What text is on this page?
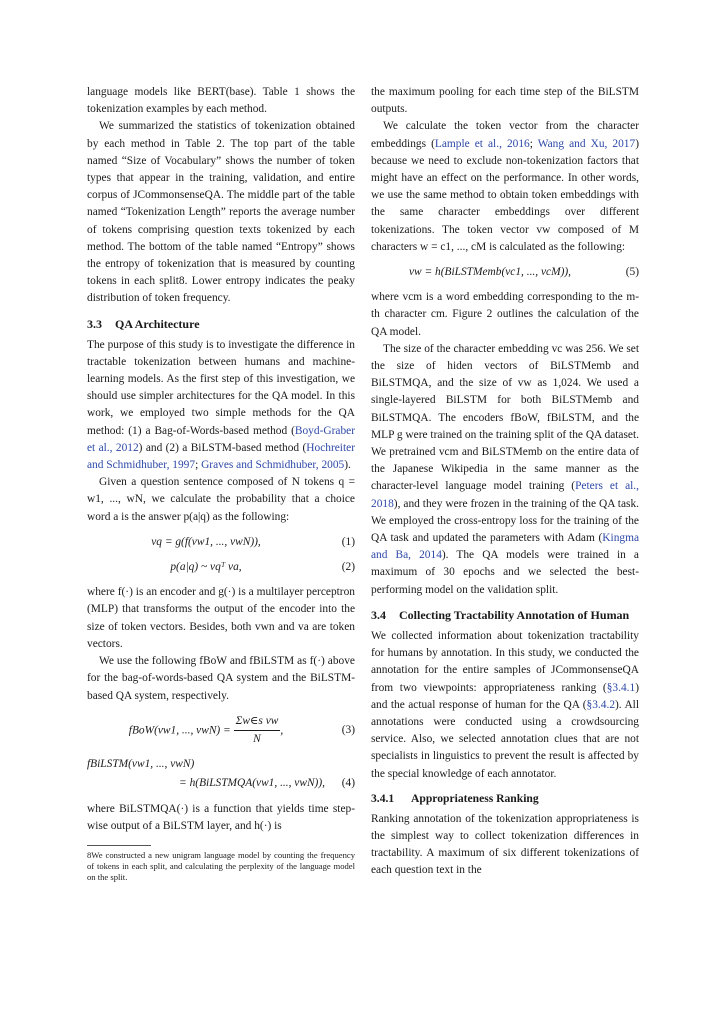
language models like BERT(base). Table 1 shows the tokenization examples by each method.

We summarized the statistics of tokenization obtained by each method in Table 2. The top part of the table named “Size of Vocabulary” shows the number of token types that appear in the training, validation, and entire corpus of JCommonsenseQA. The middle part of the table named “Tokenization Length” reports the average number of tokens comprising question texts tokenized by each method. The bottom of the table named “Entropy” shows the entropy of tokenization that is measured by counting tokens in each split8. Lower entropy indicates the peaky distribution of token frequency.

3.3 QA Architecture

The purpose of this study is to investigate the difference in tractable tokenization between humans and machine-learning models. As the first step of this investigation, we should use simpler architectures for the QA model. In this work, we employed two simple methods for the QA method: (1) a Bag-of-Words-based method (Boyd-Graber et al., 2012) and (2) a BiLSTM-based method (Hochreiter and Schmidhuber, 1997; Graves and Schmidhuber, 2005).

Given a question sentence composed of N tokens q = w1, ..., wN, we calculate the probability that a choice word a is the answer p(a|q) as the following:

vq = g(f(vw1, ..., vwN)),	(1)
p(a|q) ~ vqᵀ va,	(2)

where f(·) is an encoder and g(·) is a multilayer perceptron (MLP) that transforms the output of the encoder into the size of token vectors. Besides, both vwn and va are token vectors.

We use the following fBoW and fBiLSTM as f(·) above for the bag-of-words-based QA system and the BiLSTM-based QA system, respectively.

fBoW(vw1, ..., $vwN) = \frac{\text{Σw∈s vw}}{N}$ ,	(3)
fBiLSTM(vw1, ..., vwN)
= h(BiLSTMQA(vw1, ..., vwN)),	(4)

where BiLSTMQA(·) is a function that yields time step-wise output of a BiLSTM layer, and h(·) is

8We constructed a new unigram language model by counting the frequency of tokens in each split, and calculating the perplexity of the language model on the split.

the maximum pooling for each time step of the BiLSTM outputs.

We calculate the token vector from the character embeddings (Lample et al., 2016; Wang and Xu, 2017) because we need to exclude non-tokenization factors that might have an effect on the performance. In other words, we use the same method to obtain token embeddings with the same character embeddings over different tokenizations. The token vector vw composed of M characters w = c1, ..., cM is calculated as the following:

vw = h(BiLSTMemb(vc1, ..., vcM)),	(5)

where vcm is a word embedding corresponding to the m-th character cm. Figure 2 outlines the calculation of the QA model.

The size of the character embedding vc was 256. We set the size of hiden vectors of BiLSTMemb and BiLSTMQA, and the size of vw as 1,024. We used a single-layered BiLSTM for both BiLSTMemb and BiLSTMQA. The encoders fBoW, fBiLSTM, and the MLP g were trained on the training split of the QA dataset. We pretrained vcm and BiLSTMemb on the entire data of the Japanese Wikipedia in the same manner as the character-level language model training (Peters et al., 2018), and they were frozen in the training of the QA task. We employed the cross-entropy loss for the training of the QA task and updated the parameters with Adam (Kingma and Ba, 2014). The QA models were trained in a maximum of 30 epochs and we selected the best-performing model on the validation split.

3.4	Collecting Tractability Annotation of Human

We collected information about tokenization tractability for humans by annotation. In this study, we conducted the annotation for the entire samples of JCommonsenseQA from two viewpoints: appropriateness ranking (§3.4.1) and the actual response of human for the QA (§3.4.2). All annotations were conducted using a crowdsourcing service. Also, we selected annotation clues that are not specialists in linguistics to prevent the result is affected by the special knowledge of each annotator.

3.4.1 Appropriateness Ranking

Ranking annotation of the tokenization appropriateness is the simplest way to collect tokenization differences in tractability. A maximum of six different tokenizations of each question text in the
